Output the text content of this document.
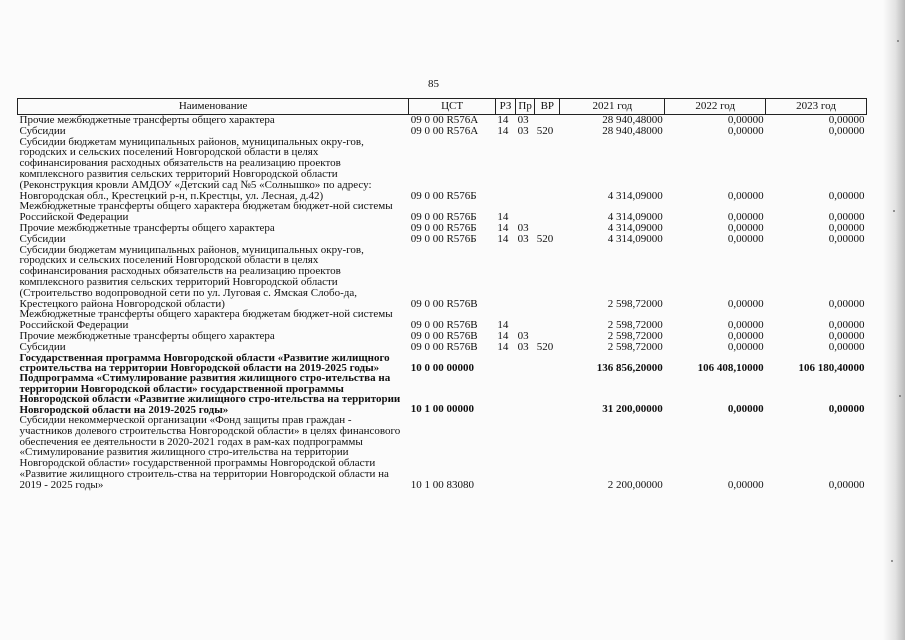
85
Наименование	ЦСТ	РЗ	Пр	ВР	2021 год	2022 год	2023 год
Прочие межбюджетные трансферты общего характера	09 0 00 R576А	14	03		28 940,48000	0,00000	0,00000
Субсидии	09 0 00 R576А	14	03	520	28 940,48000	0,00000	0,00000
Субсидии бюджетам муниципальных районов, муниципальных окру-гов, городских и сельских поселений Новгородской области в целях софинансирования расходных обязательств на реализацию проектов комплексного развития сельских территорий Новгородской области (Реконструкция кровли АМДОУ «Детский сад №5 «Солнышко» по адресу: Новгородская обл., Крестецкий р-н, п.Крестцы, ул. Лесная, д.42)	09 0 00 R576Б				4 314,09000	0,00000	0,00000
Межбюджетные трансферты общего характера бюджетам бюджет-ной системы Российской Федерации	09 0 00 R576Б	14			4 314,09000	0,00000	0,00000
Прочие межбюджетные трансферты общего характера	09 0 00 R576Б	14	03		4 314,09000	0,00000	0,00000
Субсидии	09 0 00 R576Б	14	03	520	4 314,09000	0,00000	0,00000
Субсидии бюджетам муниципальных районов, муниципальных окру-гов, городских и сельских поселений Новгородской области в целях софинансирования расходных обязательств на реализацию проектов комплексного развития сельских территорий Новгородской области (Строительство водопроводной сети по ул. Луговая с. Ямская Слобо-да, Крестецкого района Новгородской области)	09 0 00 R576В				2 598,72000	0,00000	0,00000
Межбюджетные трансферты общего характера бюджетам бюджет-ной системы Российской Федерации	09 0 00 R576В	14			2 598,72000	0,00000	0,00000
Прочие межбюджетные трансферты общего характера	09 0 00 R576В	14	03		2 598,72000	0,00000	0,00000
Субсидии	09 0 00 R576В	14	03	520	2 598,72000	0,00000	0,00000
Государственная программа Новгородской области «Развитие жилищного строительства на территории Новгородской области на 2019-2025 годы»	10 0 00 00000				136 856,20000	106 408,10000	106 180,40000
Подпрограмма «Стимулирование развития жилищного стро-ительства на территории Новгородской области» государственной программы Новгородской области «Развитие жилищного стро-ительства на территории Новгородской области на 2019-2025 годы»	10 1 00 00000				31 200,00000	0,00000	0,00000
Субсидии некоммерческой организации «Фонд защиты прав граждан - участников долевого строительства Новгородской области» в целях финансового обеспечения ее деятельности в 2020-2021 годах в рам-ках подпрограммы «Стимулирование развития жилищного стро-ительства на территории Новгородской области» государственной программы Новгородской области «Развитие жилищного строитель-ства на территории Новгородской области на 2019 - 2025 годы»	10 1 00 83080				2 200,00000	0,00000	0,00000
